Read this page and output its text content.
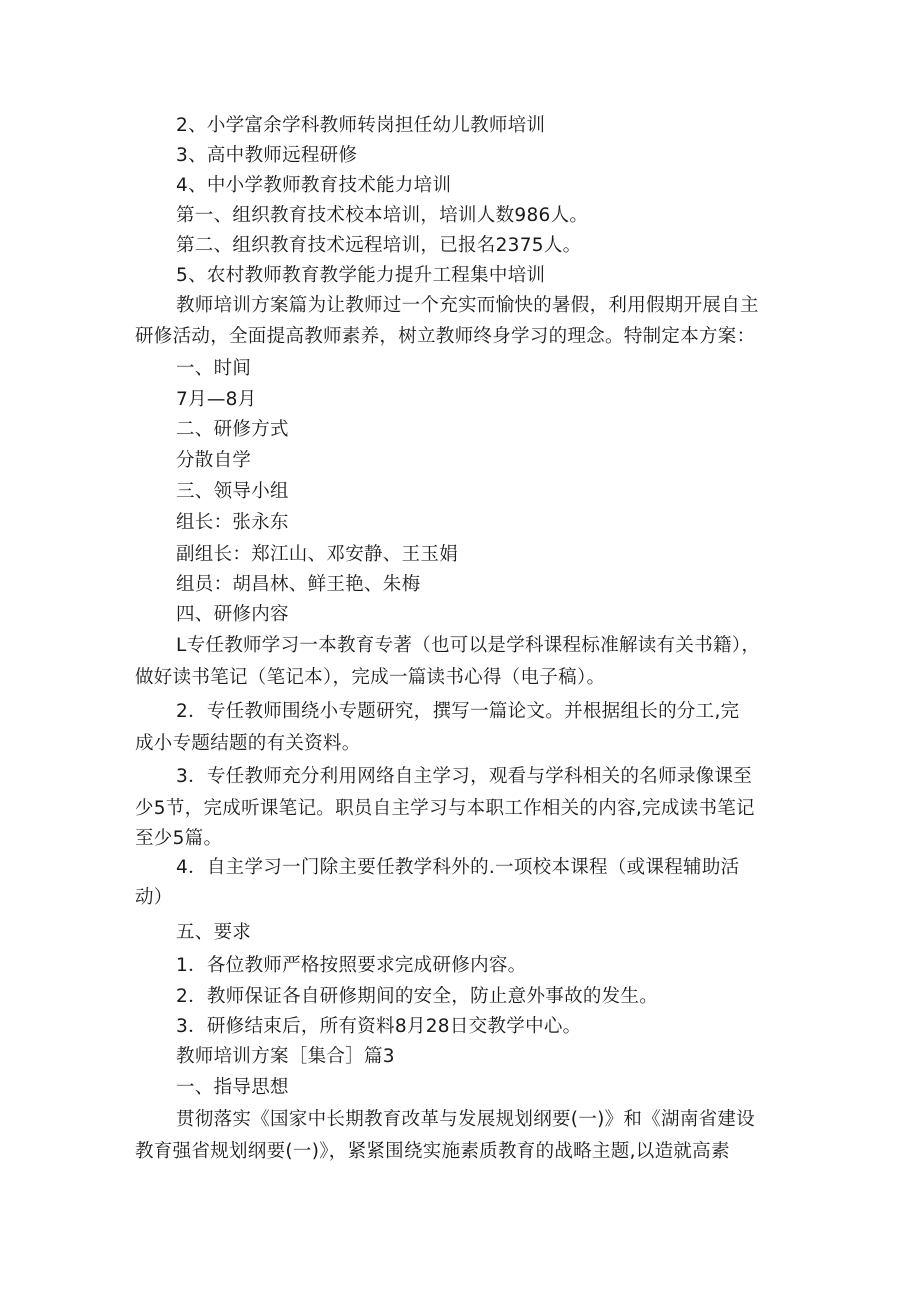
2、小学富余学科教师转岗担任幼儿教师培训
3、高中教师远程研修
4、中小学教师教育技术能力培训
第一、组织教育技术校本培训，培训人数986人。
第二、组织教育技术远程培训，已报名2375人。
5、农村教师教育教学能力提升工程集中培训
教师培训方案篇为让教师过一个充实而愉快的暑假，利用假期开展自主
研修活动，全面提高教师素养，树立教师终身学习的理念。特制定本方案：
一、时间
7月—8月
二、研修方式
分散自学
三、领导小组
组长：张永东
副组长：郑江山、邓安静、王玉娟
组员：胡昌林、鲜王艳、朱梅
四、研修内容
L专任教师学习一本教育专著（也可以是学科课程标准解读有关书籍），
做好读书笔记（笔记本），完成一篇读书心得（电子稿）。
2．专任教师围绕小专题研究，撰写一篇论文。并根据组长的分工,完
成小专题结题的有关资料。
3．专任教师充分利用网络自主学习，观看与学科相关的名师录像课至
少5节，完成听课笔记。职员自主学习与本职工作相关的内容,完成读书笔记
至少5篇。
4．自主学习一门除主要任教学科外的.一项校本课程（或课程辅助活
动）
五、要求
1．各位教师严格按照要求完成研修内容。
2．教师保证各自研修期间的安全，防止意外事故的发生。
3．研修结束后，所有资料8月28日交教学中心。
教师培训方案［集合］篇3
一、指导思想
贯彻落实《国家中长期教育改革与发展规划纲要(一)》和《湖南省建设
教育强省规划纲要(一)》，紧紧围绕实施素质教育的战略主题,以造就高素
